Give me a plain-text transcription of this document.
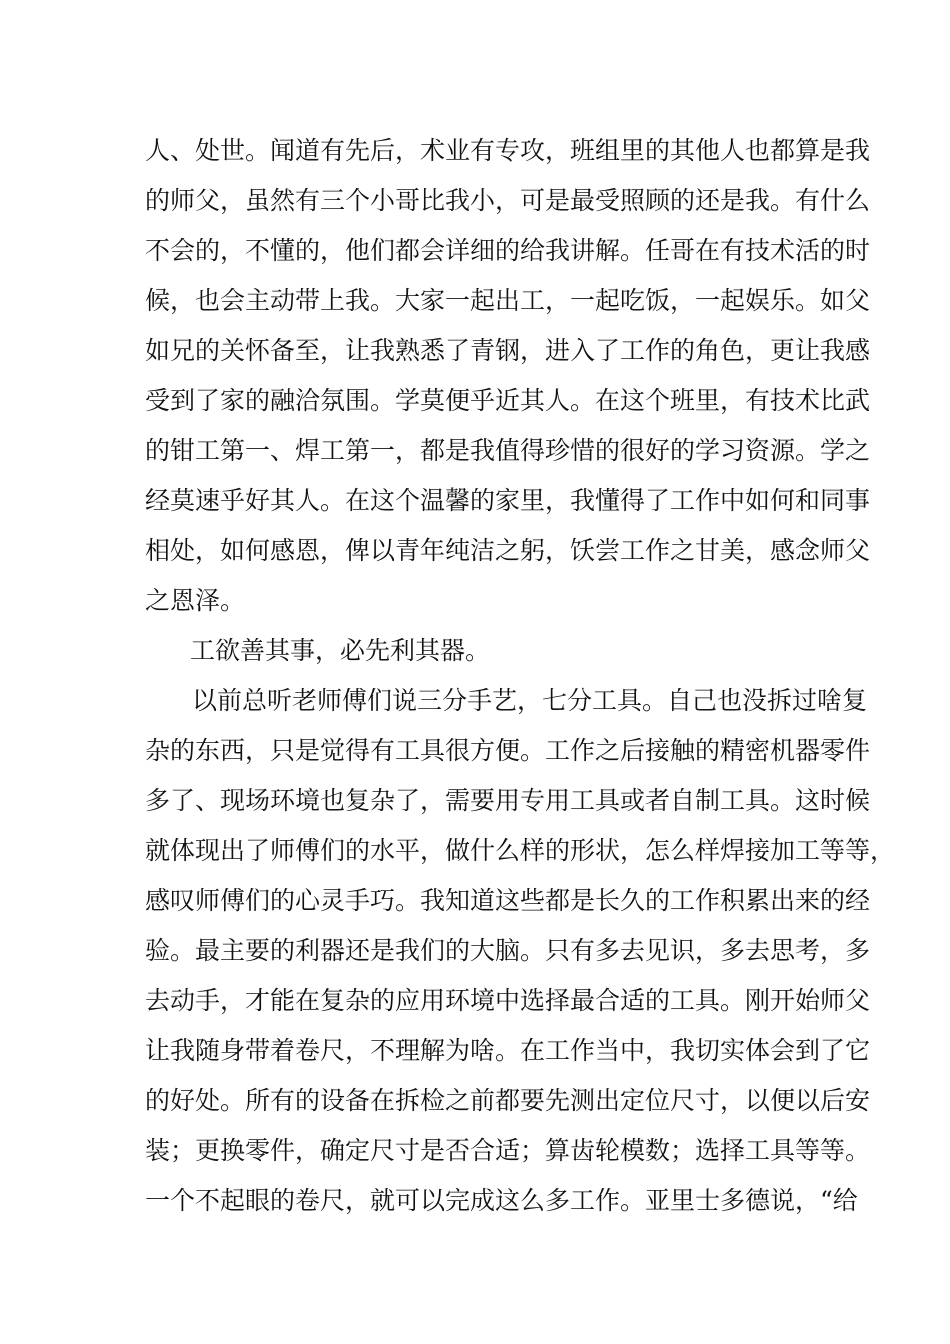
人、处世。闻道有先后，术业有专攻，班组里的其他人也都算是我
的师父，虽然有三个小哥比我小，可是最受照顾的还是我。有什么
不会的，不懂的，他们都会详细的给我讲解。任哥在有技术活的时
候，也会主动带上我。大家一起出工，一起吃饭，一起娱乐。如父
如兄的关怀备至，让我熟悉了青钢，进入了工作的角色，更让我感
受到了家的融洽氛围。学莫便乎近其人。在这个班里，有技术比武
的钳工第一、焊工第一，都是我值得珍惜的很好的学习资源。学之
经莫速乎好其人。在这个温馨的家里，我懂得了工作中如何和同事
相处，如何感恩，俾以青年纯洁之躬，饫尝工作之甘美，感念师父
之恩泽。
工欲善其事，必先利其器。
以前总听老师傅们说三分手艺，七分工具。自己也没拆过啥复
杂的东西，只是觉得有工具很方便。工作之后接触的精密机器零件
多了、现场环境也复杂了，需要用专用工具或者自制工具。这时候
就体现出了师傅们的水平，做什么样的形状，怎么样焊接加工等等，
感叹师傅们的心灵手巧。我知道这些都是长久的工作积累出来的经
验。最主要的利器还是我们的大脑。只有多去见识，多去思考，多
去动手，才能在复杂的应用环境中选择最合适的工具。刚开始师父
让我随身带着卷尺，不理解为啥。在工作当中，我切实体会到了它
的好处。所有的设备在拆检之前都要先测出定位尺寸，以便以后安
装；更换零件，确定尺寸是否合适；算齿轮模数；选择工具等等。
一个不起眼的卷尺，就可以完成这么多工作。亚里士多德说，“给
